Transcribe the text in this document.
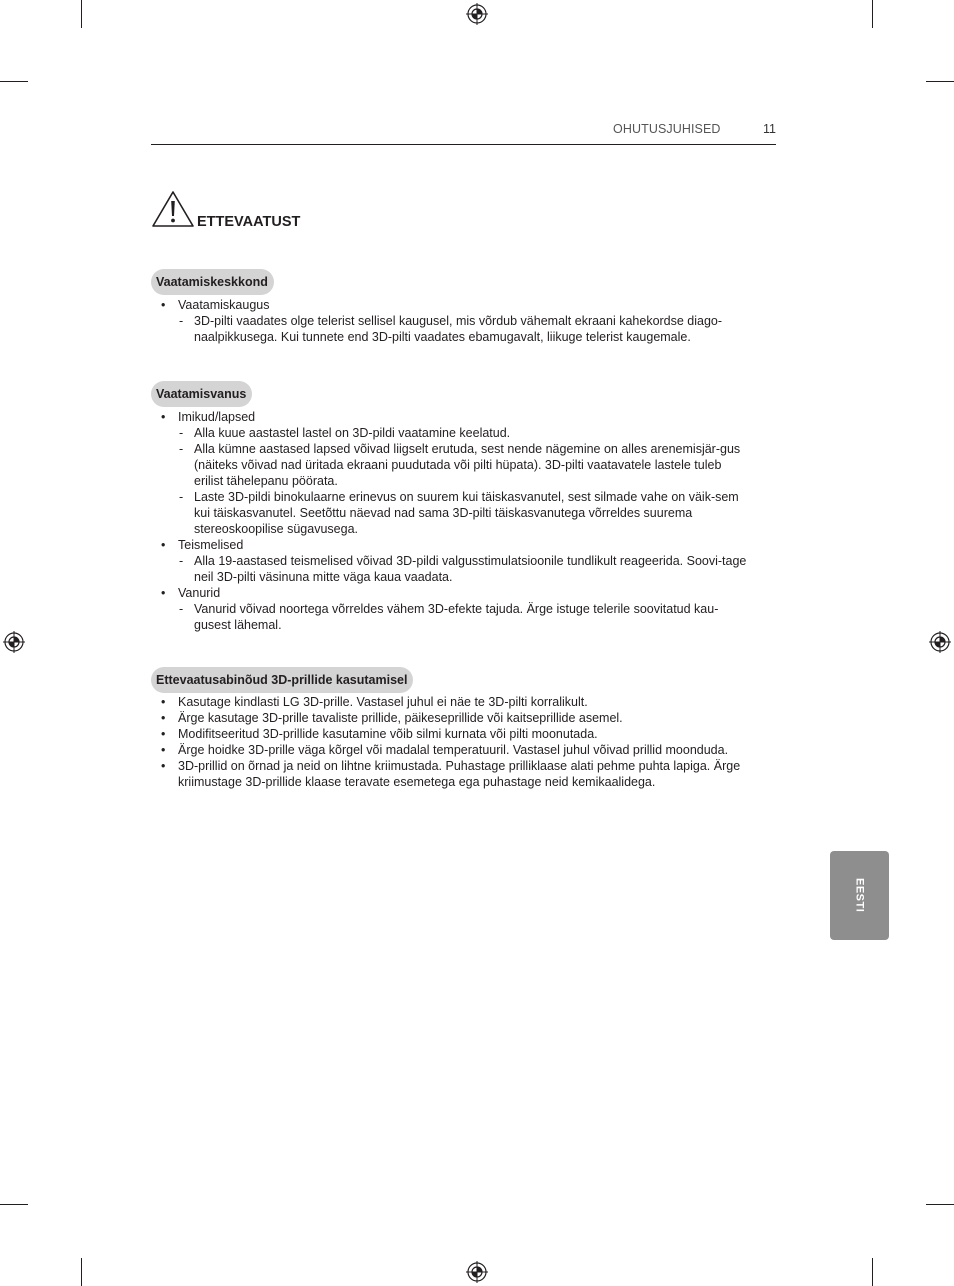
OHUTUSJUHISED	11
ETTEVAATUST
Vaatamiskeskkond
• Vaatamiskaugus
- 3D-pilti vaadates olge telerist sellisel kaugusel, mis võrdub vähemalt ekraani kahekordse diago-naalpikkusega. Kui tunnete end 3D-pilti vaadates ebamugavalt, liikuge telerist kaugemale.
Vaatamisvanus
• Imikud/lapsed
- Alla kuue aastastel lastel on 3D-pildi vaatamine keelatud.
- Alla kümne aastased lapsed võivad liigselt erutuda, sest nende nägemine on alles arenemisjär-gus (näiteks võivad nad üritada ekraani puudutada või pilti hüpata). 3D-pilti vaatavatele lastele tuleb erilist tähelepanu pöörata.
- Laste 3D-pildi binokulaarne erinevus on suurem kui täiskasvanutel, sest silmade vahe on väik-sem kui täiskasvanutel. Seetõttu näevad nad sama 3D-pilti täiskasvanutega võrreldes suurema stereoskoopilise sügavusega.
• Teismelised
- Alla 19-aastased teismelised võivad 3D-pildi valgusstimulatsioonile tundlikult reageerida. Soovi-tage neil 3D-pilti väsinuna mitte väga kaua vaadata.
• Vanurid
- Vanurid võivad noortega võrreldes vähem 3D-efekte tajuda. Ärge istuge telerile soovitatud kau-gusest lähemal.
Ettevaatusabinõud 3D-prillide kasutamisel
• Kasutage kindlasti LG 3D-prille. Vastasel juhul ei näe te 3D-pilti korralikult.
• Ärge kasutage 3D-prille tavaliste prillide, päikeseprillide või kaitseprillide asemel.
• Modifitseeritud 3D-prillide kasutamine võib silmi kurnata või pilti moonutada.
• Ärge hoidke 3D-prille väga kõrgel või madalal temperatuuril. Vastasel juhul võivad prillid moonduda.
• 3D-prillid on õrnad ja neid on lihtne kriimustada. Puhastage prilliklaase alati pehme puhta lapiga. Ärge kriimustage 3D-prillide klaase teravate esemetega ega puhastage neid kemikaalidega.
EESTI
